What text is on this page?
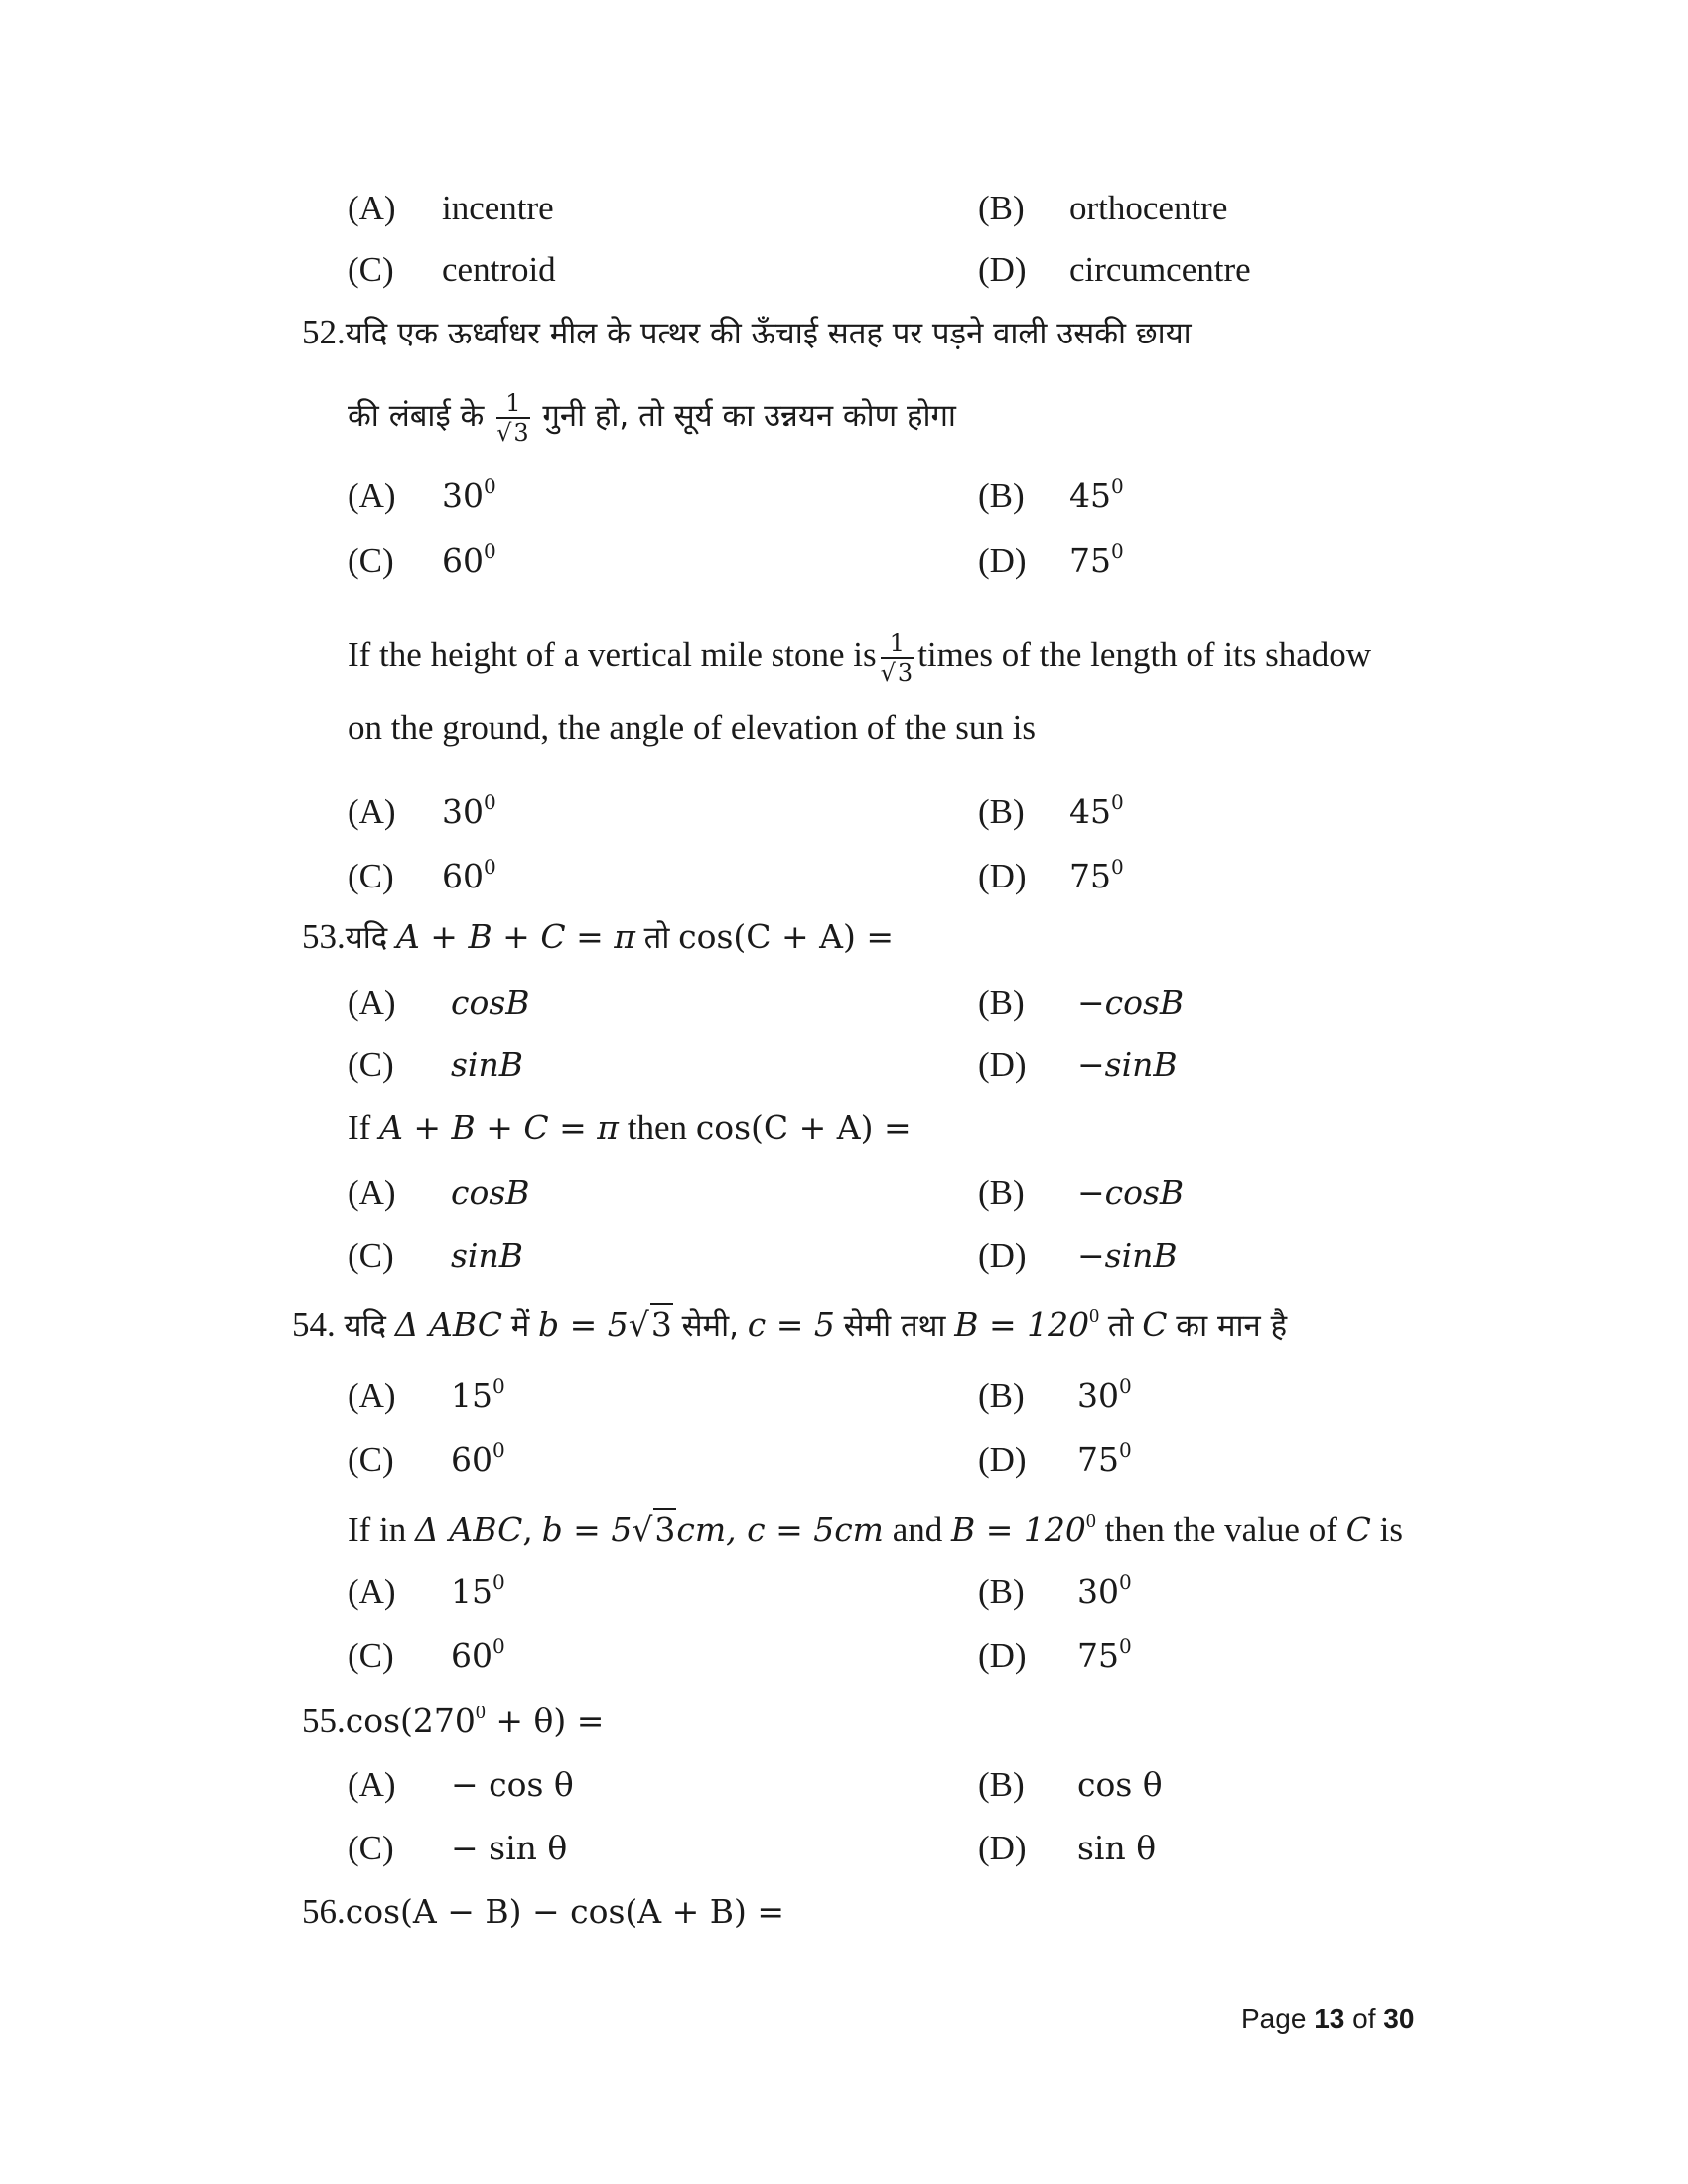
(A) incentre	(B) orthocentre
(C) centroid	(D) circumcentre
52.यदि एक ऊर्ध्वाधर मील के पत्थर की ऊँचाई सतह पर पड़ने वाली उसकी छाया
की लंबाई के $\frac{1}{√3}$ गुनी हो, तो सूर्य का उन्नयन कोण होगा
(A) $30^0$	(B) $45^0$
(C) $60^0$	(D) $75^0$
If the height of a vertical mile stone is $\frac{1}{√3}$ times of the length of its shadow
on the ground, the angle of elevation of the sun is
(A) $30^0$	(B) $45^0$
(C) $60^0$	(D) $75^0$
53.यदि A + B + C = π तो cos(C + A) =
(A) cosB	(B) −cosB
(C) sinB	(D) −sinB
If A + B + C = π then cos(C + A) =
(A) cosB	(B) −cosB
(C) sinB	(D) −sinB
54. यदि Δ ABC में b = 5√3 सेमी, c = 5 सेमी तथा $B = 120^0$ तो C का मान है
(A) $15^0$	(B) $30^0$
(C) $60^0$	(D) $75^0$
If in Δ ABC, b = 5√3cm, c = 5cm and $B = 120^0$ then the value of C is
(A) $15^0$	(B) $30^0$
(C) $60^0$	(D) $75^0$
$55.\cos(270^0 + \theta)$ =
(A) − cos θ	(B) cos θ
(C) − sin θ	(D) sin θ
56.cos(A − B) − cos(A + B) =
Page 13 of 30
